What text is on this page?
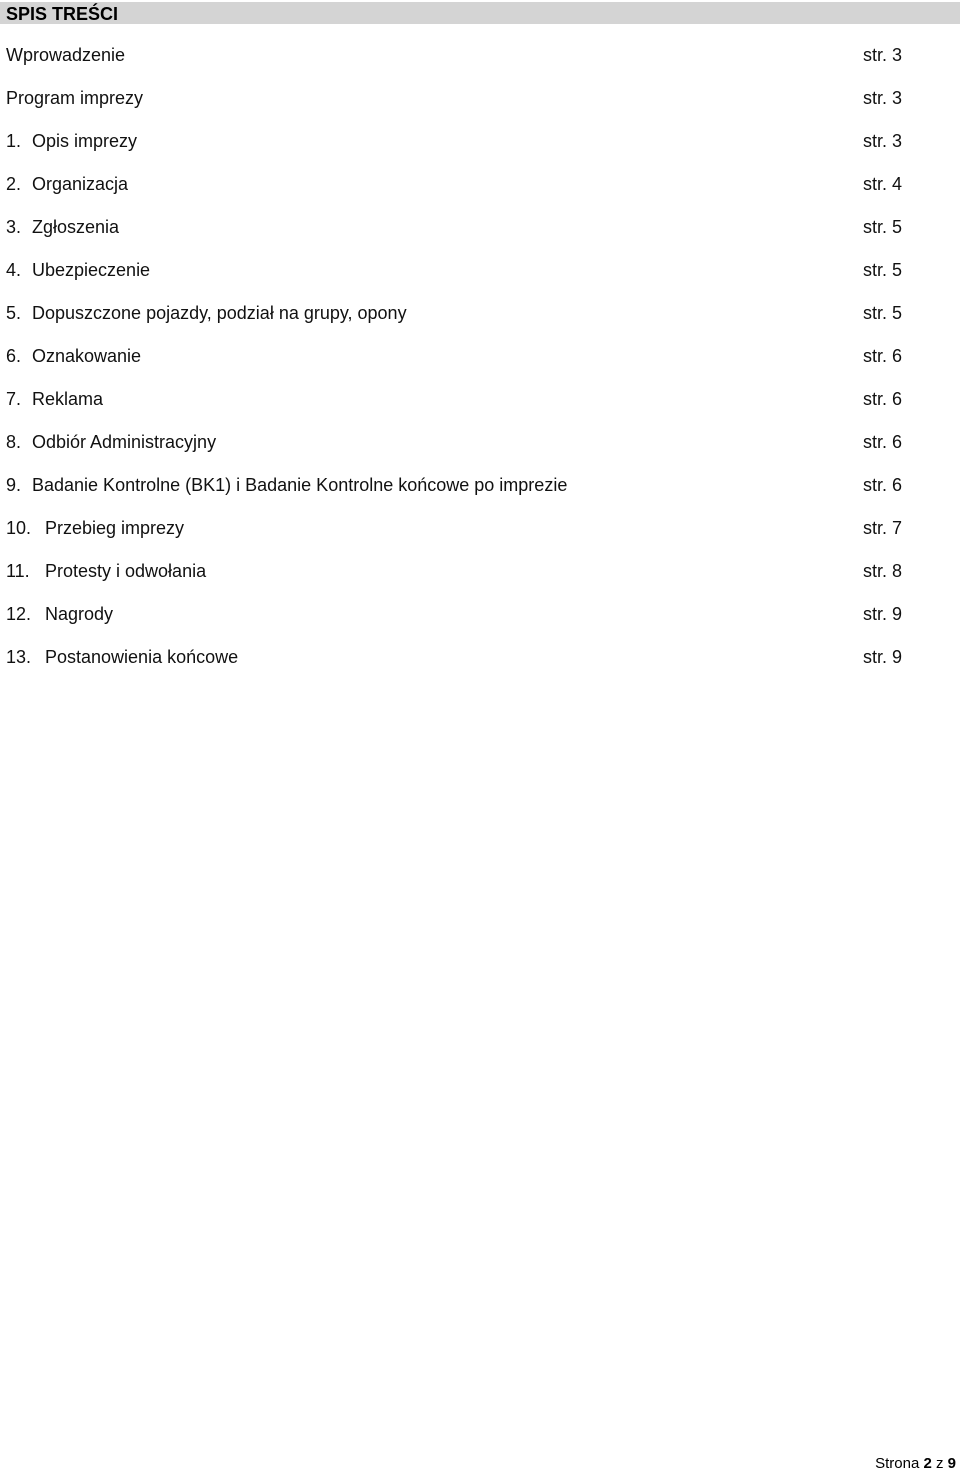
SPIS TREŚCI
Wprowadzenie	str. 3
Program imprezy	str. 3
1. Opis imprezy	str. 3
2. Organizacja	str. 4
3. Zgłoszenia	str. 5
4. Ubezpieczenie	str. 5
5. Dopuszczone pojazdy, podział na grupy, opony	str. 5
6. Oznakowanie	str. 6
7. Reklama	str. 6
8. Odbiór Administracyjny	str. 6
9. Badanie Kontrolne (BK1) i Badanie Kontrolne końcowe po imprezie	str. 6
10. Przebieg imprezy	str. 7
11. Protesty i odwołania	str. 8
12. Nagrody	str. 9
13. Postanowienia końcowe	str. 9
Strona 2 z 9
